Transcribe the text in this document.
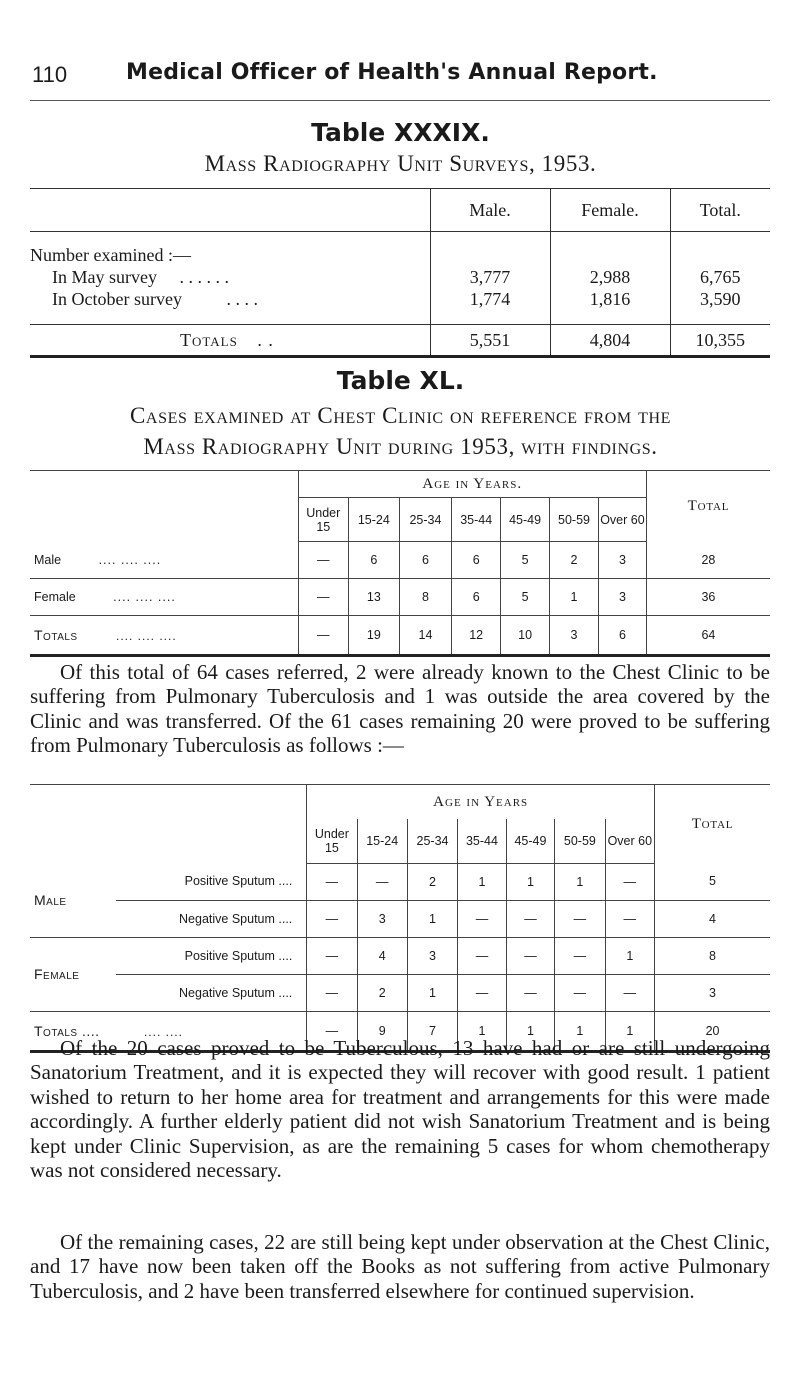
110	Medical Officer of Health's Annual Report.
Table XXXIX.
Mass Radiography Unit Surveys, 1953.
	Male.	Female.	Total.
Number examined :—			
In May survey . . . . . .	3,777	2,988	6,765
In October survey . . . .	1,774	1,816	3,590
Totals . .	5,551	4,804	10,355
Table XL.
Cases examined at Chest Clinic on reference from the
Mass Radiography Unit during 1953, with findings.
	Age in Years.							Total
	Under 15	15-24	25-34	35-44	45-49	50-59	Over 60	
Male .... .... ....	—	6	6	6	5	2	3	28
Female .... .... ....	—	13	8	6	5	1	3	36
Totals .... .... ....	—	19	14	12	10	3	6	64
Of this total of 64 cases referred, 2 were already known to the Chest Clinic to be suffering from Pulmonary Tuberculosis and 1 was outside the area covered by the Clinic and was transferred. Of the 61 cases remaining 20 were proved to be suffering from Pulmonary Tuberculosis as follows :—
		Age in Years							Total
		Under 15	15-24	25-34	35-44	45-49	50-59	Over 60	
Male	Positive Sputum ....	—	—	2	1	1	1	—	5
	Negative Sputum ....	—	3	1	—	—	—	—	4
Female	Positive Sputum ....	—	4	3	—	—	—	1	8
	Negative Sputum ....	—	2	1	—	—	—	—	3
Totals .... .... ....		—	9	7	1	1	1	1	20
Of the 20 cases proved to be Tuberculous, 13 have had or are still undergoing Sanatorium Treatment, and it is expected they will recover with good result. 1 patient wished to return to her home area for treatment and arrangements for this were made accordingly. A further elderly patient did not wish Sanatorium Treatment and is being kept under Clinic Supervision, as are the remaining 5 cases for whom chemotherapy was not considered necessary.
Of the remaining cases, 22 are still being kept under observation at the Chest Clinic, and 17 have now been taken off the Books as not suffering from active Pulmonary Tuberculosis, and 2 have been transferred elsewhere for continued supervision.
